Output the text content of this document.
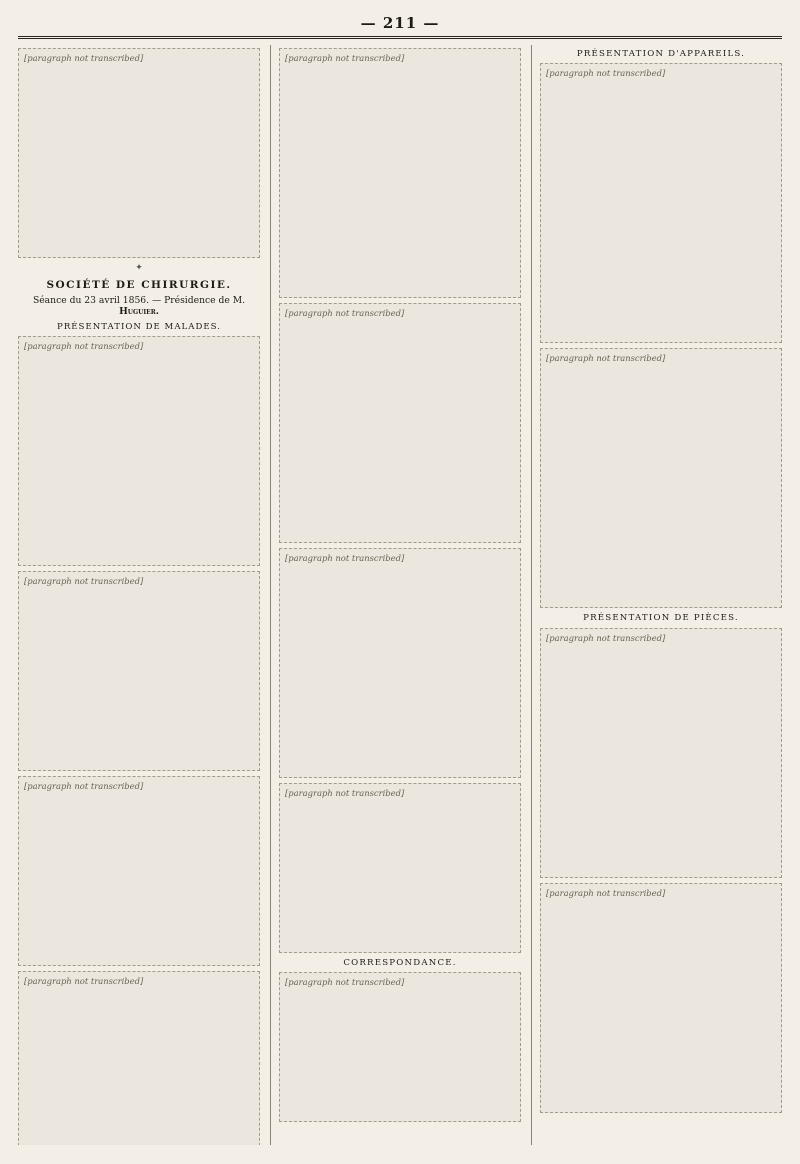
— 211 —
[paragraph not transcribed]
✦
SOCIÉTÉ DE CHIRURGIE.
Séance du 23 avril 1856. — Présidence de M. Huguier.
PRÉSENTATION DE MALADES.
[paragraph not transcribed]
[paragraph not transcribed]
[paragraph not transcribed]
[paragraph not transcribed]
[paragraph not transcribed]
[paragraph not transcribed]
[paragraph not transcribed]
[paragraph not transcribed]
CORRESPONDANCE.
[paragraph not transcribed]
PRÉSENTATION D'APPAREILS.
[paragraph not transcribed]
[paragraph not transcribed]
PRÉSENTATION DE PIÈCES.
[paragraph not transcribed]
[paragraph not transcribed]
